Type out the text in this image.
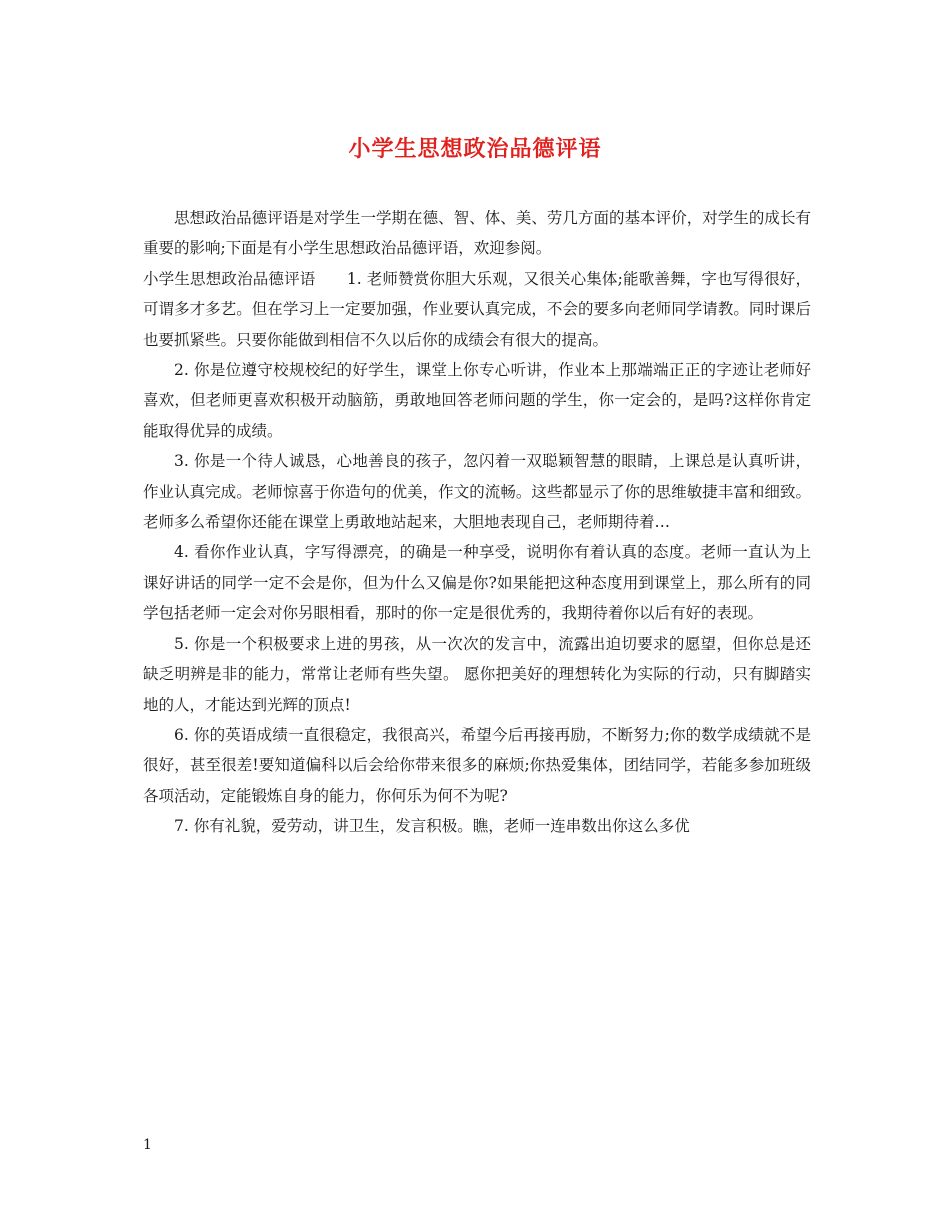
小学生思想政治品德评语

思想政治品德评语是对学生一学期在德、智、体、美、劳几方面的基本评价，对学生的成长有重要的影响;下面是有小学生思想政治品德评语，欢迎参阅。

小学生思想政治品德评语　　 1. 老师赞赏你胆大乐观，又很关心集体;能歌善舞，字也写得很好，可谓多才多艺。但在学习上一定要加强，作业要认真完成，不会的要多向老师同学请教。同时课后也要抓紧些。只要你能做到相信不久以后你的成绩会有很大的提高。

2. 你是位遵守校规校纪的好学生，课堂上你专心听讲，作业本上那端端正正的字迹让老师好喜欢，但老师更喜欢积极开动脑筋，勇敢地回答老师问题的学生，你一定会的，是吗?这样你肯定能取得优异的成绩。

3. 你是一个待人诚恳，心地善良的孩子，忽闪着一双聪颖智慧的眼睛，上课总是认真听讲，作业认真完成。老师惊喜于你造句的优美，作文的流畅。这些都显示了你的思维敏捷丰富和细致。老师多么希望你还能在课堂上勇敢地站起来，大胆地表现自己，老师期待着…

4. 看你作业认真，字写得漂亮，的确是一种享受，说明你有着认真的态度。老师一直认为上课好讲话的同学一定不会是你，但为什么又偏是你?如果能把这种态度用到课堂上，那么所有的同学包括老师一定会对你另眼相看，那时的你一定是很优秀的，我期待着你以后有好的表现。

5. 你是一个积极要求上进的男孩，从一次次的发言中，流露出迫切要求的愿望，但你总是还缺乏明辨是非的能力，常常让老师有些失望。 愿你把美好的理想转化为实际的行动，只有脚踏实地的人，才能达到光辉的顶点!

6. 你的英语成绩一直很稳定，我很高兴，希望今后再接再励，不断努力;你的数学成绩就不是很好，甚至很差!要知道偏科以后会给你带来很多的麻烦;你热爱集体，团结同学，若能多参加班级各项活动，定能锻炼自身的能力，你何乐为何不为呢?

7. 你有礼貌，爱劳动，讲卫生，发言积极。瞧，老师一连串数出你这么多优

1
